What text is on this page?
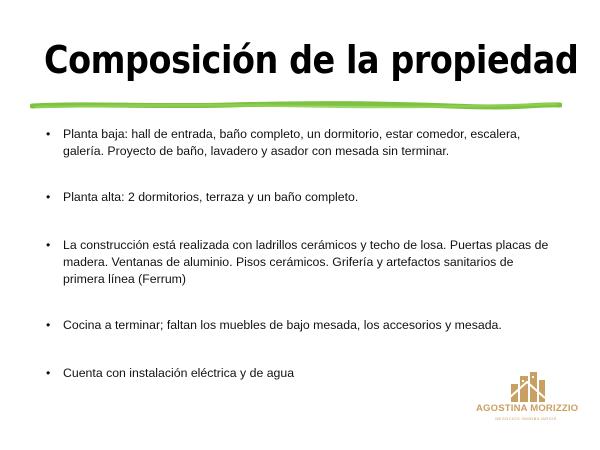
Composición de la propiedad
• Planta baja: hall de entrada, baño completo, un dormitorio, estar comedor, escalera, galería. Proyecto de baño, lavadero y asador con mesada sin terminar.
• Planta alta: 2 dormitorios, terraza y un baño completo.
• La construcción está realizada con ladrillos cerámicos y techo de losa. Puertas placas de madera. Ventanas de aluminio. Pisos cerámicos. Grifería y artefactos sanitarios de primera línea (Ferrum)
• Cocina a terminar; faltan los muebles de bajo mesada, los accesorios y mesada.
• Cuenta con instalación eléctrica y de agua
AGOSTINA MORIZZIO
NEGOCIOS INMOBILIARIOS
